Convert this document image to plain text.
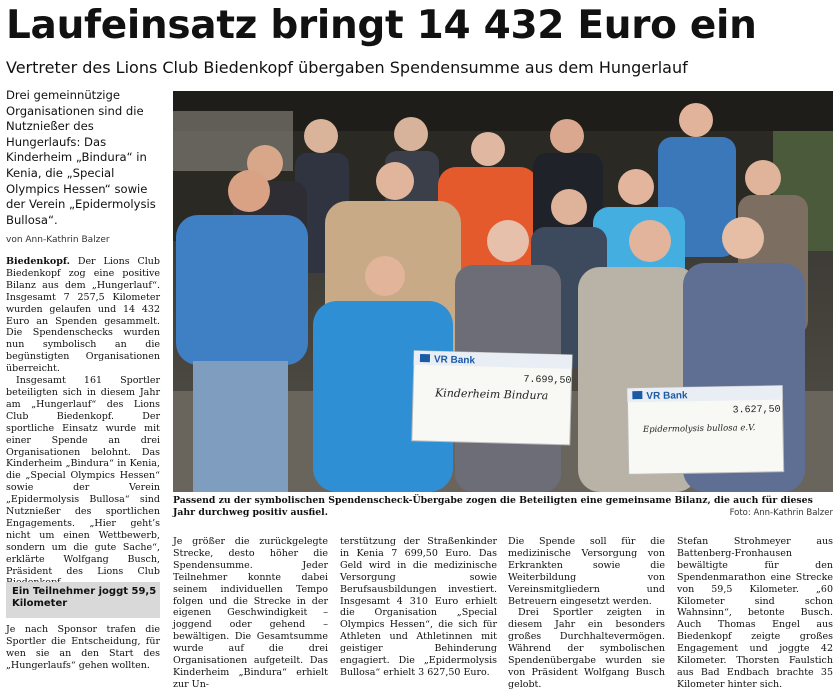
Laufeinsatz bringt 14 432 Euro ein
Vertreter des Lions Club Biedenkopf übergaben Spendensumme aus dem Hungerlauf
Drei gemeinnützige Organisationen sind die Nutznießer des Hungerlaufs: Das Kinderheim „Bindura“ in Kenia, die „Special Olympics Hessen“ sowie der Verein „Epidermolysis Bullosa“.
von Ann-Kathrin Balzer

Biedenkopf. Der Lions Club Biedenkopf zog eine positive Bilanz aus dem „Hungerlauf“. Insgesamt 7 257,5 Kilometer wurden gelaufen und 14 432 Euro an Spenden gesammelt. Die Spendenschecks wurden nun symbolisch an die begünstigten Organisationen überreicht.

Insgesamt 161 Sportler beteiligten sich in diesem Jahr am „Hungerlauf“ des Lions Club Biedenkopf. Der sportliche Einsatz wurde mit einer Spende an drei Organisationen belohnt. Das Kinderheim „Bindura“ in Kenia, die „Special Olympics Hessen“ sowie der Verein „Epidermolysis Bullosa“ sind Nutznießer des sportlichen Engagements. „Hier geht’s nicht um einen Wettbewerb, sondern um die gute Sache“, erklärte Wolfgang Busch, Präsident des Lions Club

Ein Teilnehmer joggt 59,5 Kilometer

Je nach Sponsor trafen die Sportler die Entscheidung, für wen sie an den Start des „Hungerlaufs“ gehen wollten.

VR Bank
7.699,50
Kinderheim Bindura	VR Bank
3.627,50
Epidermolysis bullosa e.V.
Passend zu der symbolischen Spendenscheck-Übergabe zogen die Beteiligten eine gemeinsame Bilanz, die auch für dieses Jahr durchweg positiv ausfiel.	Foto: Ann-Kathrin Balzer

Je größer die zurückgelegte Strecke, desto höher die Spendensumme. Jeder Teilnehmer konnte dabei seinem individuellen Tempo folgen und die Strecke in der eigenen Geschwindigkeit – joggend oder gehend – bewältigen. Die Gesamtsumme wurde auf die drei Organisationen aufgeteilt. Das Kinderheim „Bindura“ erhielt zur Un-

terstützung der Straßenkinder in Kenia 7 699,50 Euro. Das Geld wird in die medizinische Versorgung sowie Berufsausbildungen investiert. Insgesamt 4 310 Euro erhielt die Organisation „Special Olympics Hessen“, die sich für Athleten und Athletinnen mit geistiger Behinderung engagiert. Die „Epidermolysis Bullosa“ erhielt 3 627,50 Euro.

Die Spende soll für die medizinische Versorgung von Erkrankten sowie die Weiterbildung von Vereinsmitgliedern und Betreuern eingesetzt werden.

Drei Sportler zeigten in diesem Jahr ein besonders großes Durchhaltevermögen. Während der symbolischen Spendenübergabe wurden sie von Präsident Wolfgang Busch gelobt.

Stefan Strohmeyer aus Battenberg-Fronhausen bewältigte für den Spendenmarathon eine Strecke von 59,5 Kilometer. „60 Kilometer sind schon Wahnsinn“, betonte Busch. Auch Thomas Engel aus Biedenkopf zeigte großes Engagement und joggte 42 Kilometer. Thorsten Faulstich aus Bad Endbach brachte 35 Kilometer hinter sich.
